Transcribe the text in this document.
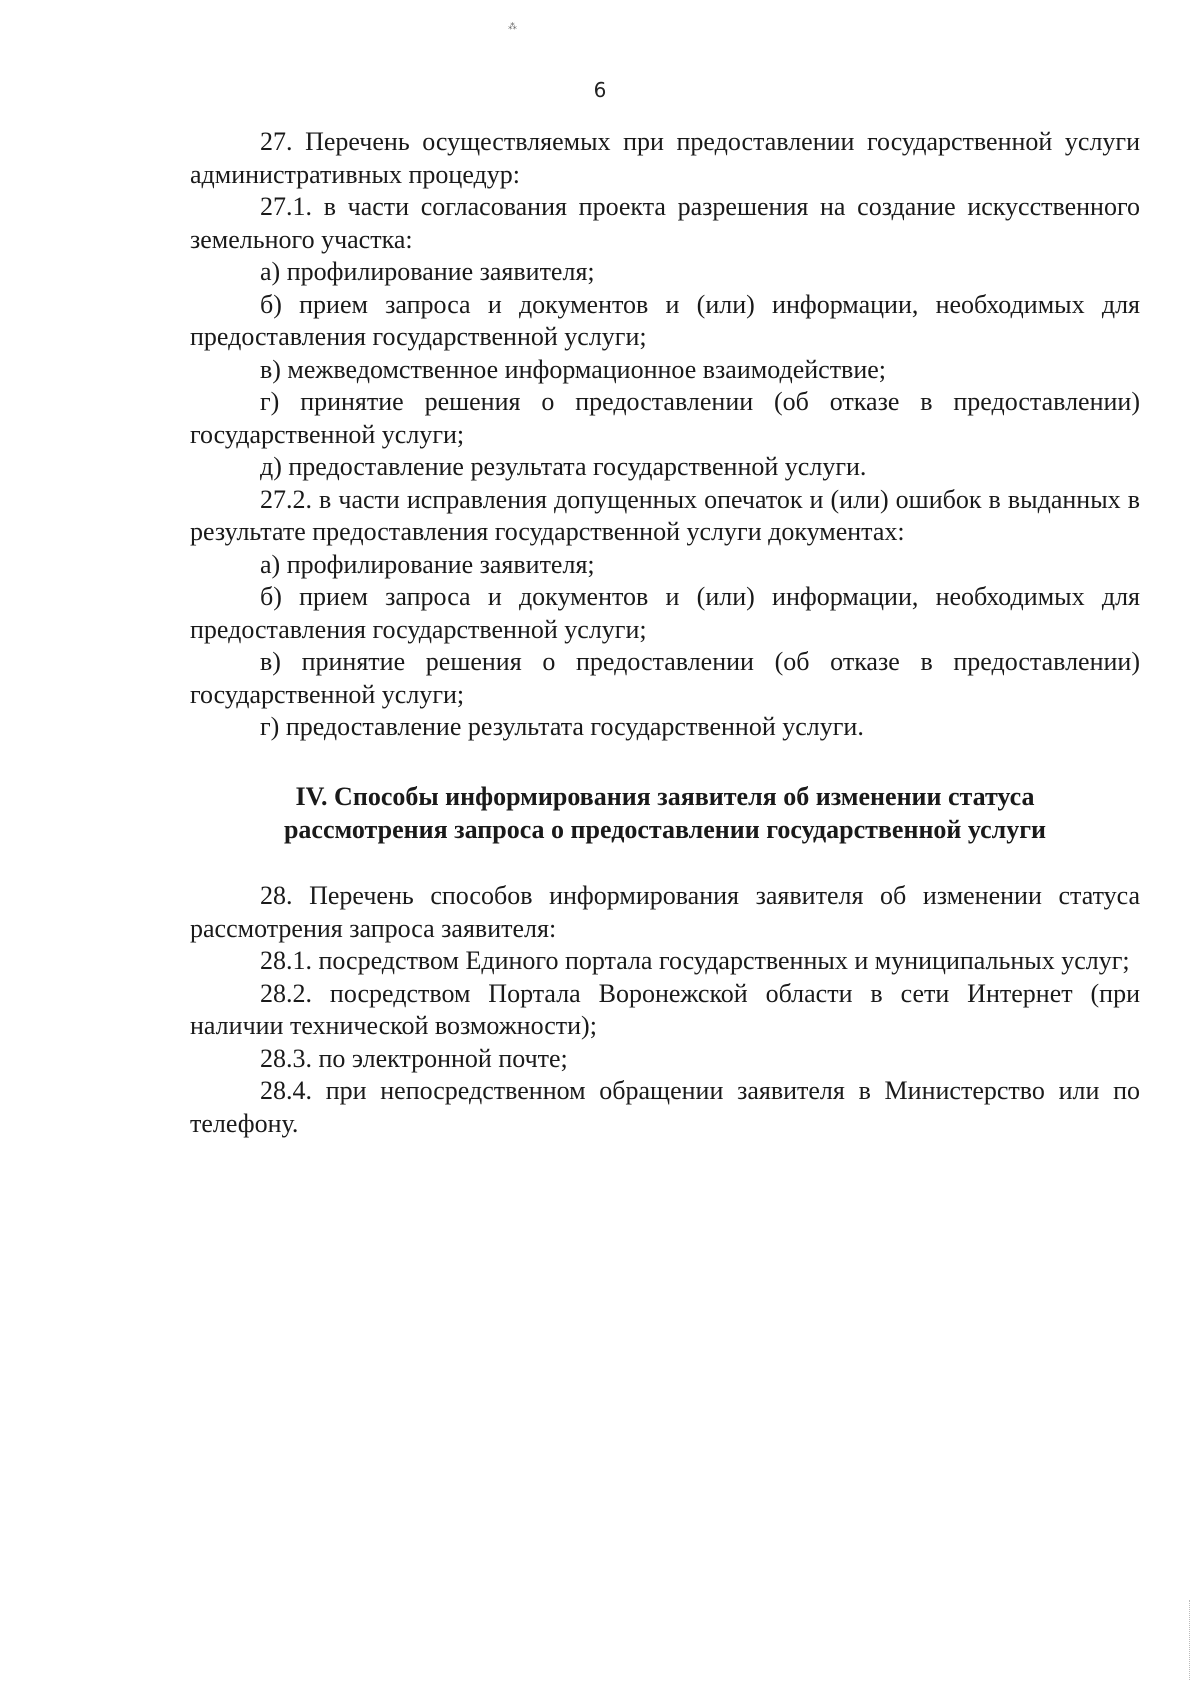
⁂
6

27. Перечень осуществляемых при предоставлении государственной услуги административных процедур:

27.1. в части согласования проекта разрешения на создание искусственного земельного участка:

а) профилирование заявителя;

б) прием запроса и документов и (или) информации, необходимых для предоставления государственной услуги;

в) межведомственное информационное взаимодействие;

г) принятие решения о предоставлении (об отказе в предоставлении) государственной услуги;

д) предоставление результата государственной услуги.

27.2. в части исправления допущенных опечаток и (или) ошибок в выданных в результате предоставления государственной услуги документах:

а) профилирование заявителя;

б) прием запроса и документов и (или) информации, необходимых для предоставления государственной услуги;

в) принятие решения о предоставлении (об отказе в предоставлении) государственной услуги;

г) предоставление результата государственной услуги.

IV. Способы информирования заявителя об изменении статуса
рассмотрения запроса о предоставлении государственной услуги

28. Перечень способов информирования заявителя об изменении статуса рассмотрения запроса заявителя:

28.1. посредством Единого портала государственных и муниципальных услуг;

28.2. посредством Портала Воронежской области в сети Интернет (при наличии технической возможности);

28.3. по электронной почте;

28.4. при непосредственном обращении заявителя в Министерство или по телефону.
